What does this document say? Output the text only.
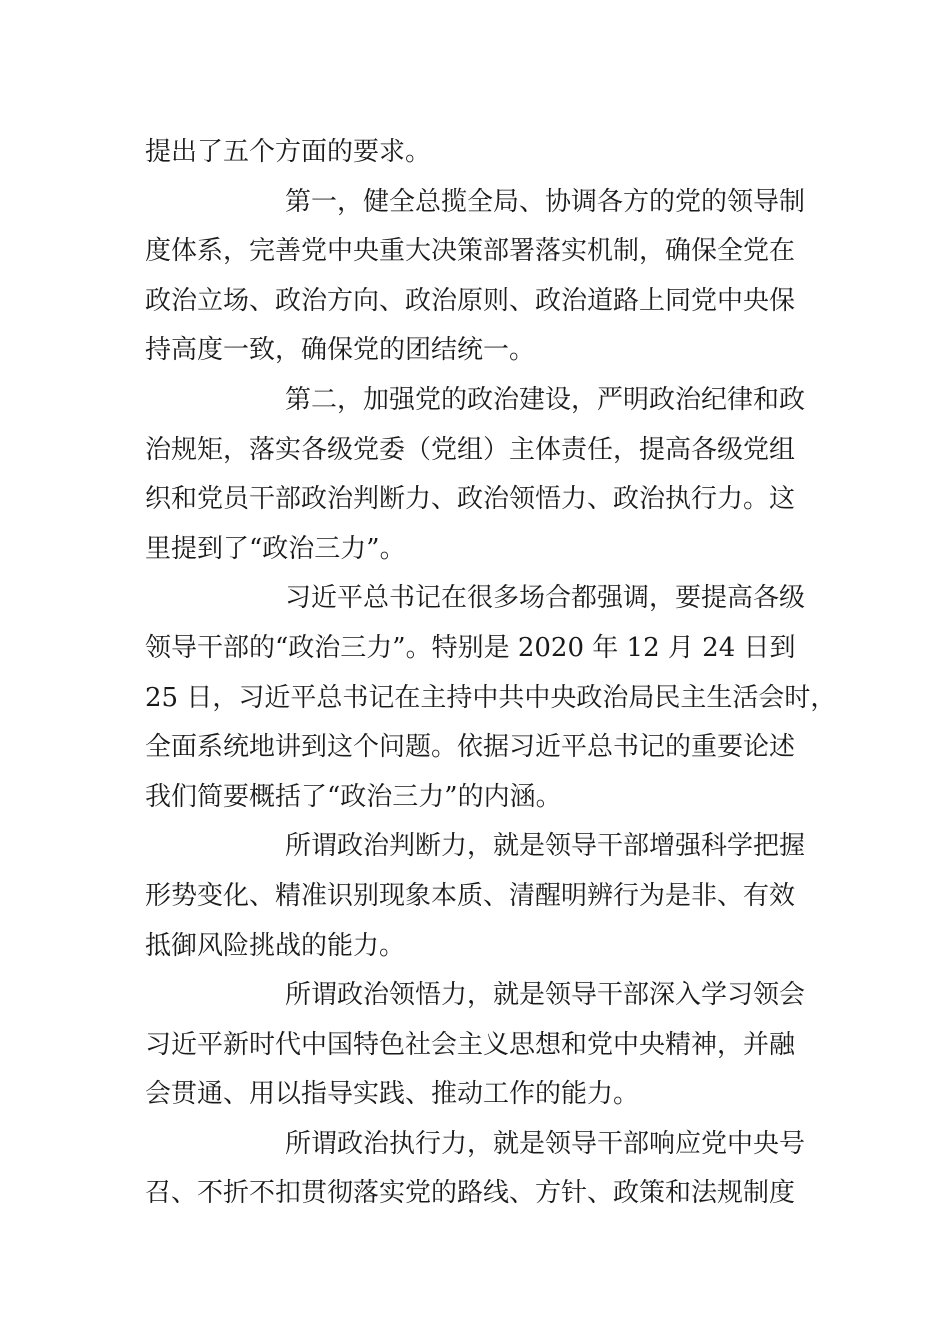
提出了五个方面的要求。
第一，健全总揽全局、协调各方的党的领导制
度体系，完善党中央重大决策部署落实机制，确保全党在
政治立场、政治方向、政治原则、政治道路上同党中央保
持高度一致，确保党的团结统一。
第二，加强党的政治建设，严明政治纪律和政
治规矩，落实各级党委（党组）主体责任，提高各级党组
织和党员干部政治判断力、政治领悟力、政治执行力。这
里提到了“政治三力”。
习近平总书记在很多场合都强调，要提高各级
领导干部的“政治三力”。特别是 2020 年 12 月 24 日到
25 日，习近平总书记在主持中共中央政治局民主生活会时，
全面系统地讲到这个问题。依据习近平总书记的重要论述
我们简要概括了“政治三力”的内涵。
所谓政治判断力，就是领导干部增强科学把握
形势变化、精准识别现象本质、清醒明辨行为是非、有效
抵御风险挑战的能力。
所谓政治领悟力，就是领导干部深入学习领会
习近平新时代中国特色社会主义思想和党中央精神，并融
会贯通、用以指导实践、推动工作的能力。
所谓政治执行力，就是领导干部响应党中央号
召、不折不扣贯彻落实党的路线、方针、政策和法规制度
